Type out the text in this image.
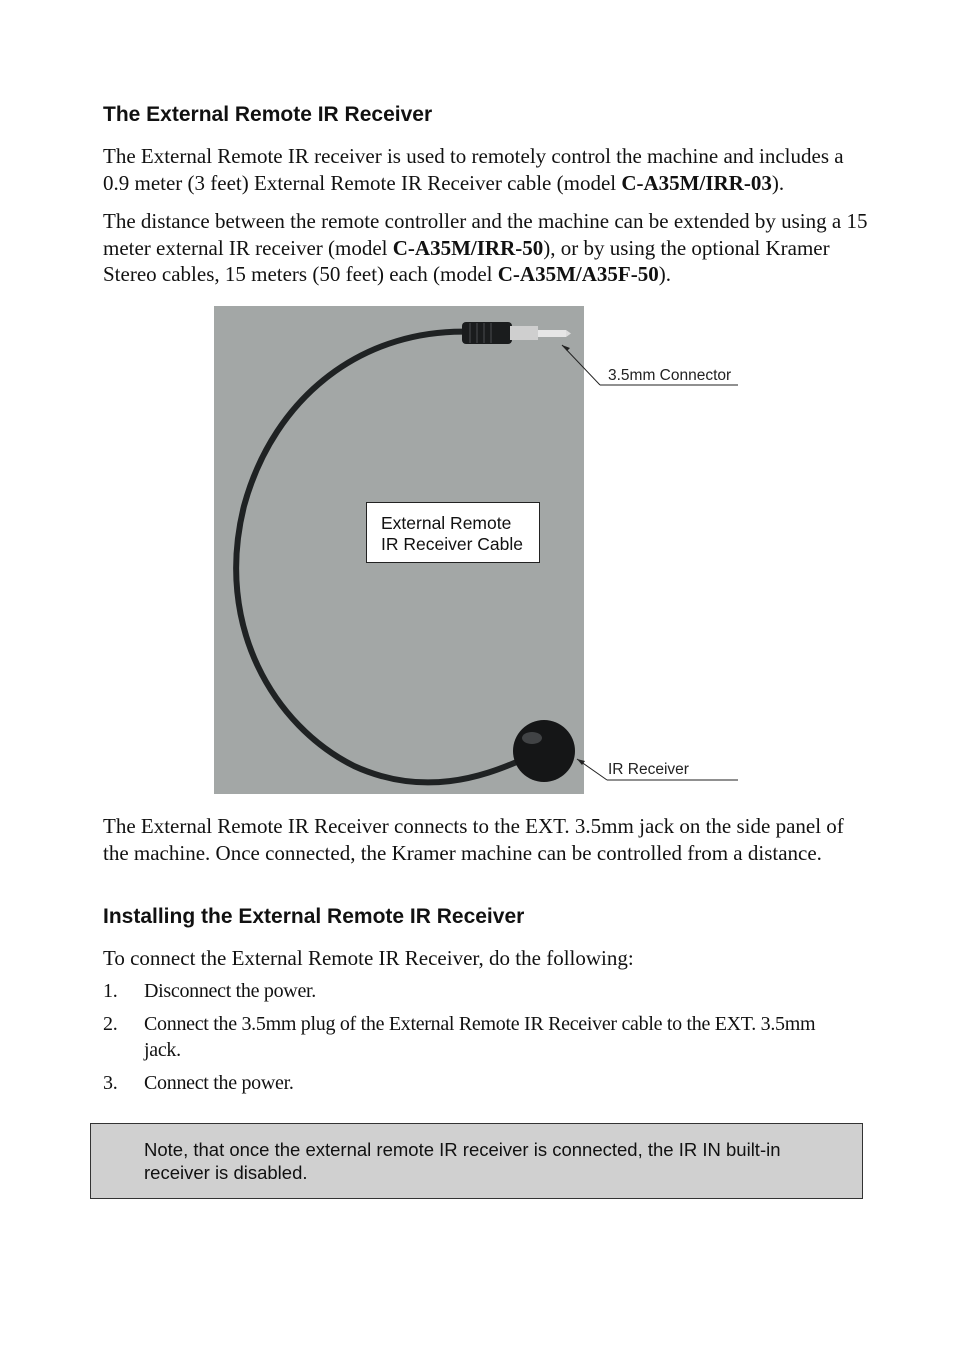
The External Remote IR Receiver

The External Remote IR receiver is used to remotely control the machine and includes a 0.9 meter (3 feet) External Remote IR Receiver cable (model C-A35M/IRR-03).

The distance between the remote controller and the machine can be extended by using a 15 meter external IR receiver (model C-A35M/IRR-50), or by using the optional Kramer Stereo cables, 15 meters (50 feet) each (model C-A35M/A35F-50).

External Remote
IR Receiver Cable
3.5mm Connector
IR Receiver

The External Remote IR Receiver connects to the EXT. 3.5mm jack on the side panel of the machine. Once connected, the Kramer machine can be controlled from a distance.

Installing the External Remote IR Receiver

To connect the External Remote IR Receiver, do the following:

1. Disconnect the power.
2. Connect the 3.5mm plug of the External Remote IR Receiver cable to the EXT. 3.5mm jack.
3. Connect the power.
Note, that once the external remote IR receiver is connected, the IR IN built-in receiver is disabled.
